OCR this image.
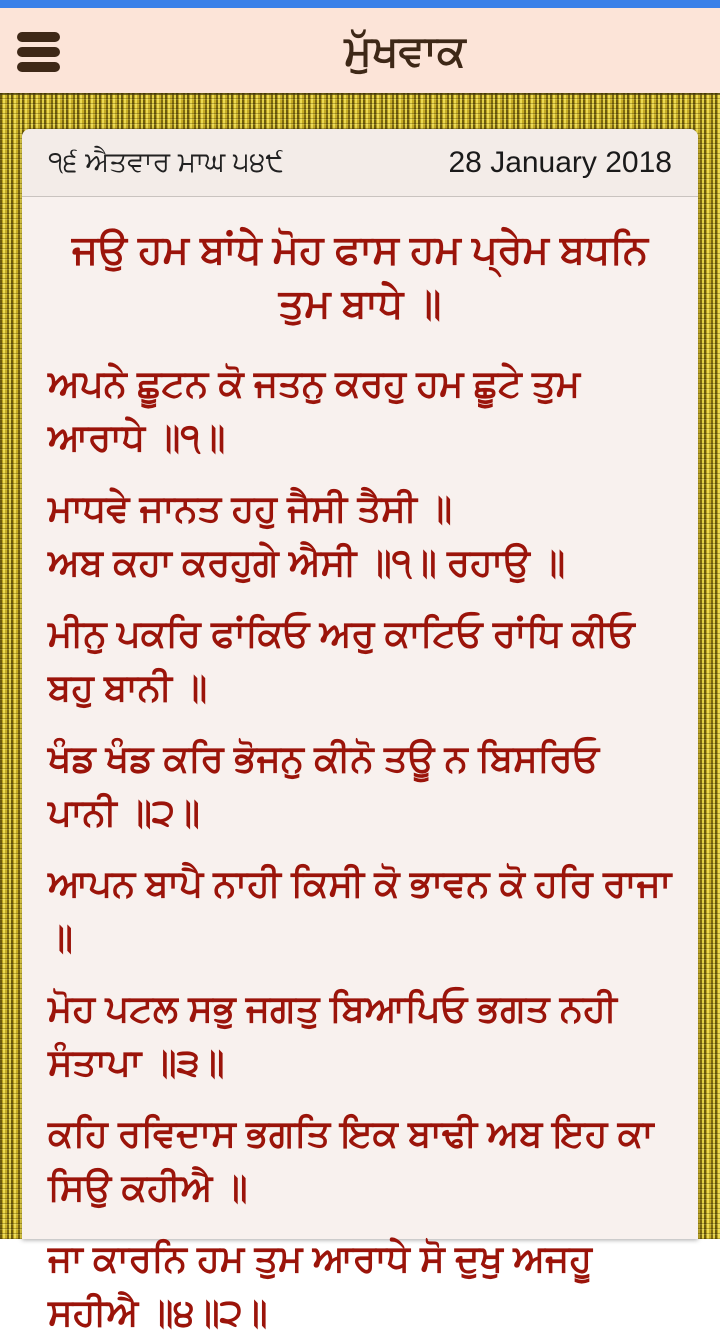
ਮੁੱਖਵਾਕ
੧੬ ਐਤਵਾਰ ਮਾਘ ੫੪੯	28 January 2018

ਜਉ ਹਮ ਬਾਂਧੇ ਮੋਹ ਫਾਸ ਹਮ ਪ੍ਰੇਮ ਬਧਨਿ ਤੁਮ ਬਾਧੇ ॥

ਅਪਨੇ ਛੂਟਨ ਕੋ ਜਤਨੁ ਕਰਹੁ ਹਮ ਛੂਟੇ ਤੁਮ ਆਰਾਧੇ ॥੧॥

ਮਾਧਵੇ ਜਾਨਤ ਹਹੁ ਜੈਸੀ ਤੈਸੀ ॥

ਅਬ ਕਹਾ ਕਰਹੁਗੇ ਐਸੀ ॥੧॥ ਰਹਾਉ ॥

ਮੀਨੁ ਪਕਰਿ ਫਾਂਕਿਓ ਅਰੁ ਕਾਟਿਓ ਰਾਂਧਿ ਕੀਓ ਬਹੁ ਬਾਨੀ ॥

ਖੰਡ ਖੰਡ ਕਰਿ ਭੋਜਨੁ ਕੀਨੋ ਤਊ ਨ ਬਿਸਰਿਓ ਪਾਨੀ ॥੨॥

ਆਪਨ ਬਾਪੈ ਨਾਹੀ ਕਿਸੀ ਕੋ ਭਾਵਨ ਕੋ ਹਰਿ ਰਾਜਾ ॥

ਮੋਹ ਪਟਲ ਸਭੁ ਜਗਤੁ ਬਿਆਪਿਓ ਭਗਤ ਨਹੀ ਸੰਤਾਪਾ ॥੩॥

ਕਹਿ ਰਵਿਦਾਸ ਭਗਤਿ ਇਕ ਬਾਢੀ ਅਬ ਇਹ ਕਾ ਸਿਉ ਕਹੀਐ ॥

ਜਾ ਕਾਰਨਿ ਹਮ ਤੁਮ ਆਰਾਧੇ ਸੋ ਦੁਖੁ ਅਜਹੂ ਸਹੀਐ ॥੪॥੨॥
